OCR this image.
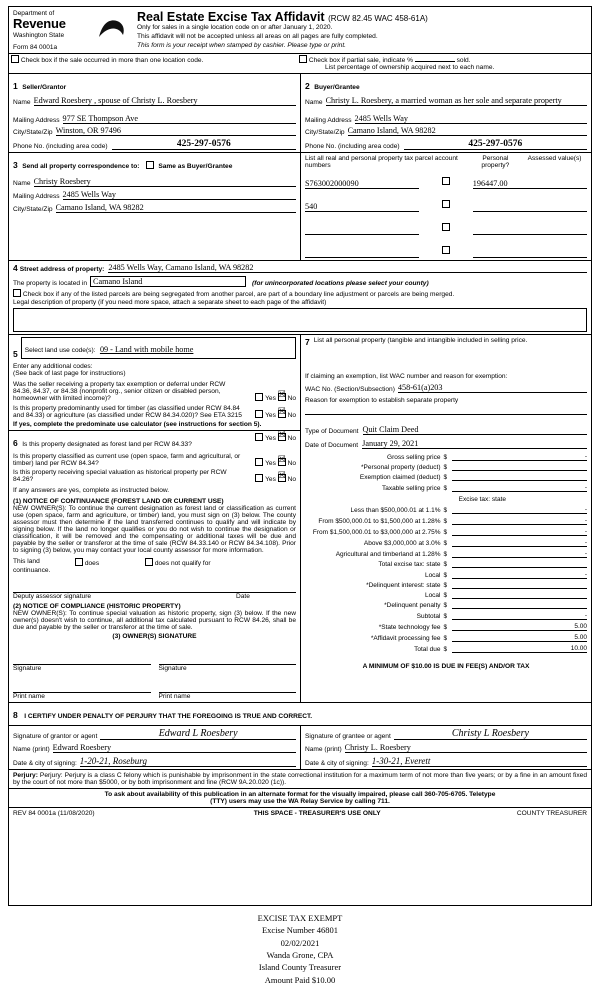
Department of
Revenue
Washington State
Form 84 0001a
Real Estate Excise Tax Affidavit (RCW 82.45 WAC 458-61A)
Only for sales in a single location code on or after January 1, 2020.
This affidavit will not be accepted unless all areas on all pages are fully completed.
This form is your receipt when stamped by cashier. Please type or print.
Check box if the sale occurred in more than one location code.	Check box if partial sale, indicate %	sold.
List percentage of ownership acquired next to each name.
1 Seller/Grantor
Name Edward Roesbery , spouse of Christy L. Roesbery
Mailing Address 977 SE Thompson Ave
City/State/Zip Winston, OR 97496
Phone No. (including area code)	425-297-0576
2 Buyer/Grantee
Name Christy L. Roesbery, a married woman as her sole and separate property
Mailing Address 2485 Wells Way
City/State/Zip Camano Island, WA 98282
Phone No. (including area code)	425-297-0576
3 Send all property correspondence to:	Same as Buyer/Grantee
Name Christy Roesbery
Mailing Address 2485 Wells Way
City/State/Zip Camano Island, WA 98282
List all real and personal property tax parcel account numbers
Personal property?
Assessed value(s)
S763002000090	196447.00
540
4 Street address of property: 2485 Wells Way, Camano Island, WA 98282
The property is located in Camano Island	(for unincorporated locations please select your county)
Check box if any of the listed parcels are being segregated from another parcel, are part of a boundary line adjustment or parcels are being merged.
Legal description of property (if you need more space, attach a separate sheet to each page of the affidavit)
5	Select land use code(s): 09 - Land with mobile home
Enter any additional codes:
(See back of last page for instructions)
Was the seller receiving a property tax exemption or deferral under RCW 84.36, 84.37, or 84.38 (nonprofit org., senior citizen or disabled person, homeowner with limited income)?	Yes ☒ No
Is this property predominantly used for timber (as classified under RCW 84.84 and 84.33) or agriculture (as classified under RCW 84.34.020)? See ETA 3215	Yes ☒ No
If yes, complete the predominate use calculator (see instructions for section 5).
6 Is this property designated as forest land per RCW 84.33?
Yes ☒ No
Is this property classified as current use (open space, farm and agricultural, or timber) land per RCW 84.34?	Yes ☒ No
Is this property receiving special valuation as historical property per RCW 84.26?	Yes ☒ No
If any answers are yes, complete as instructed below.
(1) NOTICE OF CONTINUANCE (FOREST LAND OR CURRENT USE)
NEW OWNER(S): To continue the current designation as forest land or classification as current use (open space, farm and agriculture, or timber) land, you must sign on (3) below. The county assessor must then determine if the land transferred continues to qualify and will indicate by signing below. If the land no longer qualifies or you do not wish to continue the designation or classification, it will be removed and the compensating or additional taxes will be due and payable by the seller or transferor at the time of sale (RCW 84.33.140 or RCW 84.34.108). Prior to signing (3) below, you may contact your local county assessor for more information.
This land	does	does not qualify for
continuance.
Deputy assessor signature	Date
(2) NOTICE OF COMPLIANCE (HISTORIC PROPERTY)
NEW OWNER(S): To continue special valuation as historic property, sign (3) below. If the new owner(s) doesn't wish to continue, all additional tax calculated pursuant to RCW 84.26, shall be due and payable by the seller or transferor at the time of sale.
(3) OWNER(S) SIGNATURE
Signature	Signature
Print name	Print name
7 List all personal property (tangible and intangible included in selling price.
If claiming an exemption, list WAC number and reason for exemption:
WAC No. (Section/Subsection) 458-61(a)203
Reason for exemption to establish separate property
Type of Document Quit Claim Deed
Date of Document January 29, 2021
Gross selling price $	-
*Personal property (deduct) $
Exemption claimed (deduct) $
Taxable selling price $	-
Excise tax: state
Less than $500,000.01 at 1.1% $	-
From $500,000.01 to $1,500,000 at 1.28% $	-
From $1,500,000.01 to $3,000,000 at 2.75% $	-
Above $3,000,000 at 3.0% $	-
Agricultural and timberland at 1.28% $	-
Total excise tax: state $
Local $	-
*Delinquent interest: state $
Local $
*Delinquent penalty $
Subtotal $	-
*State technology fee $	5.00
*Affidavit processing fee $	5.00
Total due $	10.00
A MINIMUM OF $10.00 IS DUE IN FEE(S) AND/OR TAX
8 I CERTIFY UNDER PENALTY OF PERJURY THAT THE FOREGOING IS TRUE AND CORRECT.
Signature of grantor or agent	Edward L Roesbery
Name (print) Edward Roesbery
Date & city of signing: 1-20-21, Roseburg
Signature of grantee or agent	Christy L Roesbery
Name (print) Christy L. Roesbery
Date & city of signing: 1-30-21, Everett
Perjury: Perjury: Perjury is a class C felony which is punishable by imprisonment in the state correctional institution for a maximum term of not more than five years; or by a fine in an amount fixed by the court of not more than $5000, or by both imprisonment and fine (RCW 9A.20.020 (1c)).
To ask about availability of this publication in an alternate format for the visually impaired, please call 360-705-6705. Teletype
(TTY) users may use the WA Relay Service by calling 711.
REV 84 0001a (11/08/2020)	THIS SPACE - TREASURER'S USE ONLY	COUNTY TREASURER
EXCISE TAX EXEMPT
Excise Number 46801
02/02/2021
Wanda Grone, CPA
Island County Treasurer
Amount Paid $10.00
